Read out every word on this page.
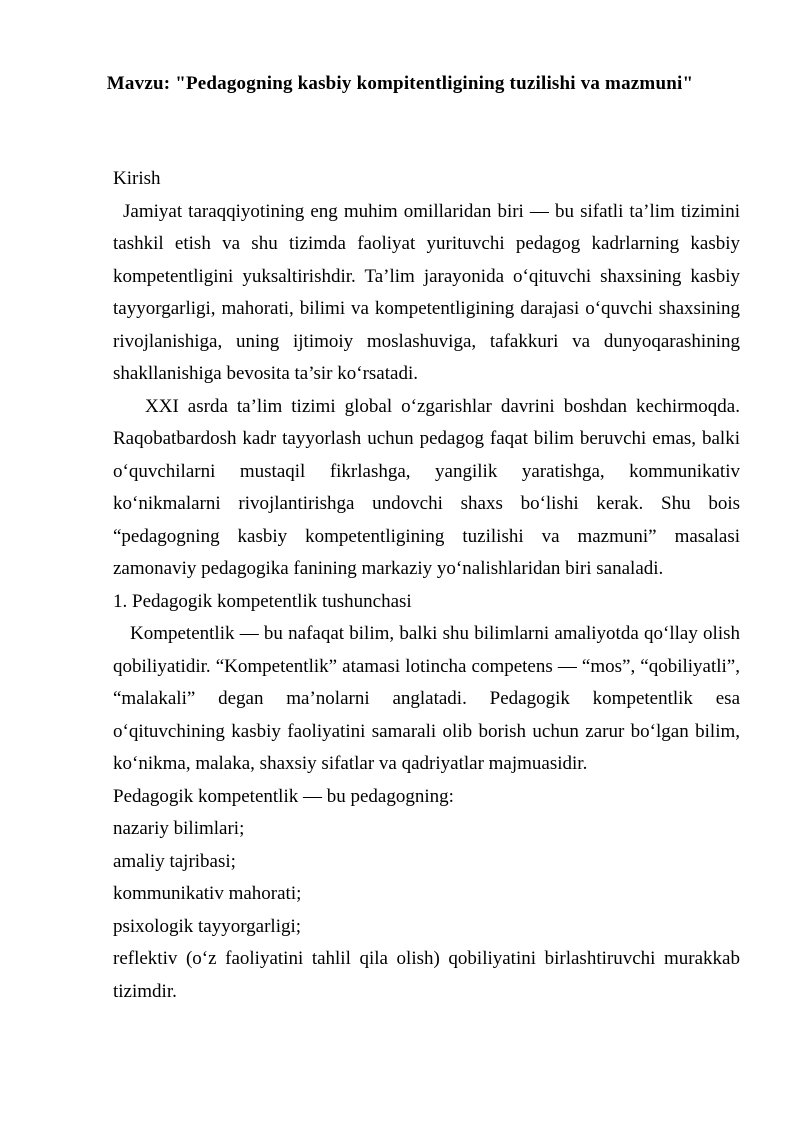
Mavzu: "Pedagogning kasbiy kompitentligining tuzilishi va mazmuni"

Kirish

Jamiyat taraqqiyotining eng muhim omillaridan biri — bu sifatli ta’lim tizimini tashkil etish va shu tizimda faoliyat yurituvchi pedagog kadrlarning kasbiy kompetentligini yuksaltirishdir. Ta’lim jarayonida o‘qituvchi shaxsining kasbiy tayyorgarligi, mahorati, bilimi va kompetentligining darajasi o‘quvchi shaxsining rivojlanishiga, uning ijtimoiy moslashuviga, tafakkuri va dunyoqarashining shakllanishiga bevosita ta’sir ko‘rsatadi.

XXI asrda ta’lim tizimi global o‘zgarishlar davrini boshdan kechirmoqda. Raqobatbardosh kadr tayyorlash uchun pedagog faqat bilim beruvchi emas, balki o‘quvchilarni mustaqil fikrlashga, yangilik yaratishga, kommunikativ ko‘nikmalarni rivojlantirishga undovchi shaxs bo‘lishi kerak. Shu bois “pedagogning kasbiy kompetentligining tuzilishi va mazmuni” masalasi zamonaviy pedagogika fanining markaziy yo‘nalishlaridan biri sanaladi.

1. Pedagogik kompetentlik tushunchasi

Kompetentlik — bu nafaqat bilim, balki shu bilimlarni amaliyotda qo‘llay olish qobiliyatidir. “Kompetentlik” atamasi lotincha competens — “mos”, “qobiliyatli”, “malakali” degan ma’nolarni anglatadi. Pedagogik kompetentlik esa o‘qituvchining kasbiy faoliyatini samarali olib borish uchun zarur bo‘lgan bilim, ko‘nikma, malaka, shaxsiy sifatlar va qadriyatlar majmuasidir.

Pedagogik kompetentlik — bu pedagogning:

nazariy bilimlari;

amaliy tajribasi;

kommunikativ mahorati;

psixologik tayyorgarligi;

reflektiv (o‘z faoliyatini tahlil qila olish) qobiliyatini birlashtiruvchi murakkab tizimdir.
